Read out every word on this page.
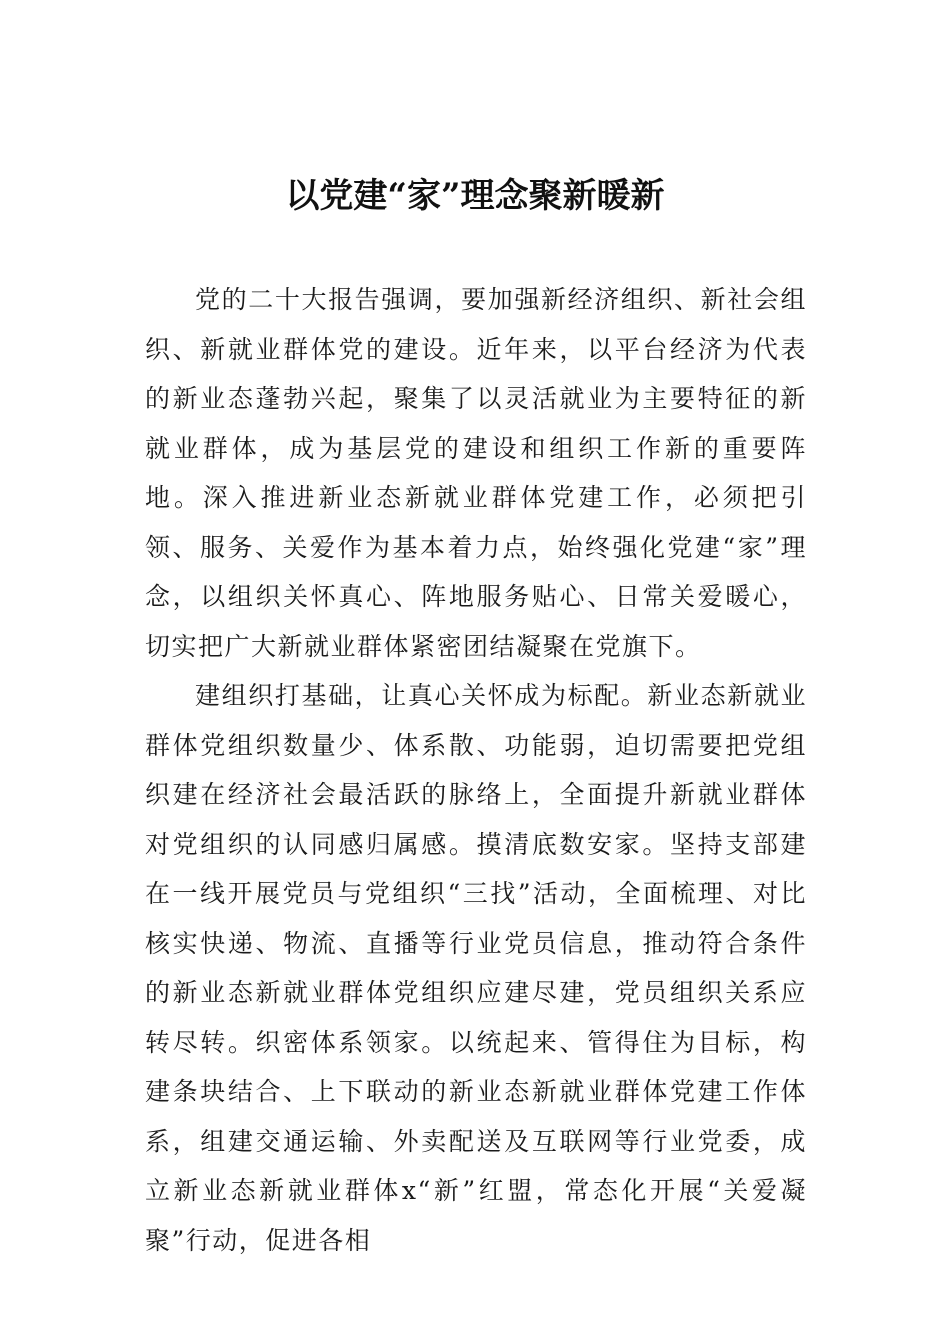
以党建“家”理念聚新暖新

党的二十大报告强调，要加强新经济组织、新社会组织、新就业群体党的建设。近年来，以平台经济为代表的新业态蓬勃兴起，聚集了以灵活就业为主要特征的新就业群体，成为基层党的建设和组织工作新的重要阵地。深入推进新业态新就业群体党建工作，必须把引领、服务、关爱作为基本着力点，始终强化党建“家”理念，以组织关怀真心、阵地服务贴心、日常关爱暖心，切实把广大新就业群体紧密团结凝聚在党旗下。

建组织打基础，让真心关怀成为标配。新业态新就业群体党组织数量少、体系散、功能弱，迫切需要把党组织建在经济社会最活跃的脉络上，全面提升新就业群体对党组织的认同感归属感。摸清底数安家。坚持支部建在一线开展党员与党组织“三找”活动，全面梳理、对比核实快递、物流、直播等行业党员信息，推动符合条件的新业态新就业群体党组织应建尽建，党员组织关系应转尽转。织密体系领家。以统起来、管得住为目标，构建条块结合、上下联动的新业态新就业群体党建工作体系，组建交通运输、外卖配送及互联网等行业党委，成立新业态新就业群体x“新”红盟，常态化开展“关爱凝聚”行动，促进各相
